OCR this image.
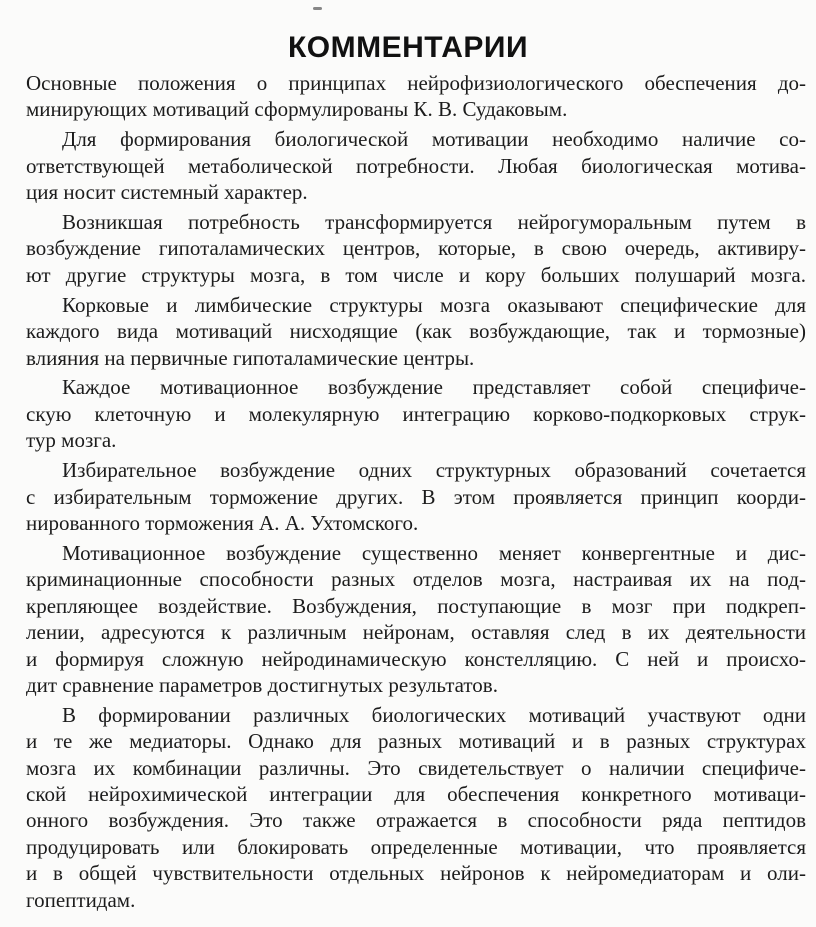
КОММЕНТАРИИ

Основные положения о принципах нейрофизиологического обеспечения до-
минирующих мотиваций сформулированы К. В. Судаковым.

Для формирования биологической мотивации необходимо наличие со-
ответствующей метаболической потребности. Любая биологическая мотива-
ция носит системный характер.

Возникшая потребность трансформируется нейрогуморальным путем в
возбуждение гипоталамических центров, которые, в свою очередь, активиру-
ют другие структуры мозга, в том числе и кору больших полушарий мозга.

Корковые и лимбические структуры мозга оказывают специфические для
каждого вида мотиваций нисходящие (как возбуждающие, так и тормозные)
влияния на первичные гипоталамические центры.

Каждое мотивационное возбуждение представляет собой специфиче-
скую клеточную и молекулярную интеграцию корково-подкорковых струк-
тур мозга.

Избирательное возбуждение одних структурных образований сочетается
с избирательным торможение других. В этом проявляется принцип коорди-
нированного торможения А. А. Ухтомского.

Мотивационное возбуждение существенно меняет конвергентные и дис-
криминационные способности разных отделов мозга, настраивая их на под-
крепляющее воздействие. Возбуждения, поступающие в мозг при подкреп-
лении, адресуются к различным нейронам, оставляя след в их деятельности
и формируя сложную нейродинамическую констелляцию. С ней и происхо-
дит сравнение параметров достигнутых результатов.

В формировании различных биологических мотиваций участвуют одни
и те же медиаторы. Однако для разных мотиваций и в разных структурах
мозга их комбинации различны. Это свидетельствует о наличии специфиче-
ской нейрохимической интеграции для обеспечения конкретного мотиваци-
онного возбуждения. Это также отражается в способности ряда пептидов
продуцировать или блокировать определенные мотивации, что проявляется
и в общей чувствительности отдельных нейронов к нейромедиаторам и оли-
гопептидам.
